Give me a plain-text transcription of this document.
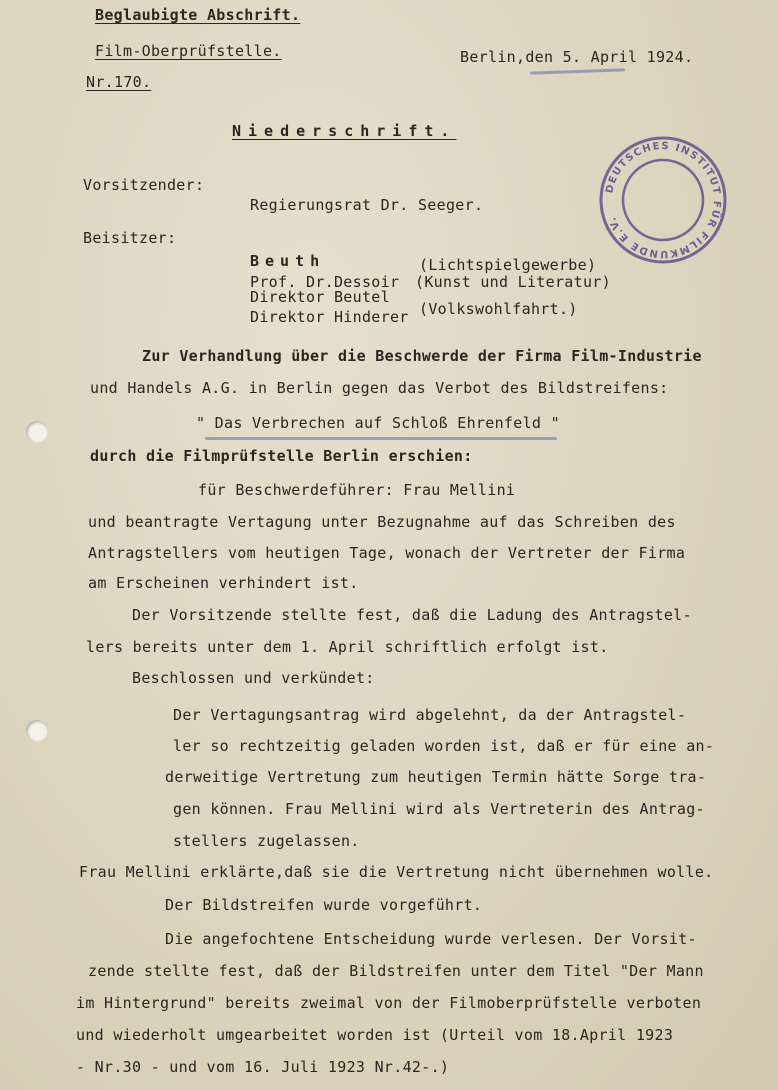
Beglaubigte Abschrift.
Film-Oberprüfstelle.
Nr.170.
Berlin,den 5. April 1924.
Niederschrift.
DEUTSCHES INSTITUT FÜR FILMKUNDE E.V.
Vorsitzender:
Regierungsrat Dr. Seeger.
Beisitzer:
Beuth	(Lichtspielgewerbe)
Prof. Dr.Dessoir (Kunst und Literatur)
Direktor Beutel
(Volkswohlfahrt.)
Direktor Hinderer
Zur Verhandlung über die Beschwerde der Firma Film-Industrie
und Handels A.G. in Berlin gegen das Verbot des Bildstreifens:
" Das Verbrechen auf Schloß Ehrenfeld "
durch die Filmprüfstelle Berlin erschien:
für Beschwerdeführer: Frau Mellini
und beantragte Vertagung unter Bezugnahme auf das Schreiben des
Antragstellers vom heutigen Tage, wonach der Vertreter der Firma
am Erscheinen verhindert ist.
Der Vorsitzende stellte fest, daß die Ladung des Antragstel-
lers bereits unter dem 1. April schriftlich erfolgt ist.
Beschlossen und verkündet:
Der Vertagungsantrag wird abgelehnt, da der Antragstel-
ler so rechtzeitig geladen worden ist, daß er für eine an-
derweitige Vertretung zum heutigen Termin hätte Sorge tra-
gen können. Frau Mellini wird als Vertreterin des Antrag-
stellers zugelassen.
Frau Mellini erklärte,daß sie die Vertretung nicht übernehmen wolle.
Der Bildstreifen wurde vorgeführt.
Die angefochtene Entscheidung wurde verlesen. Der Vorsit-
zende stellte fest, daß der Bildstreifen unter dem Titel "Der Mann
im Hintergrund" bereits zweimal von der Filmoberprüfstelle verboten
und wiederholt umgearbeitet worden ist (Urteil vom 18.April 1923
- Nr.30 - und vom 16. Juli 1923 Nr.42-.)
